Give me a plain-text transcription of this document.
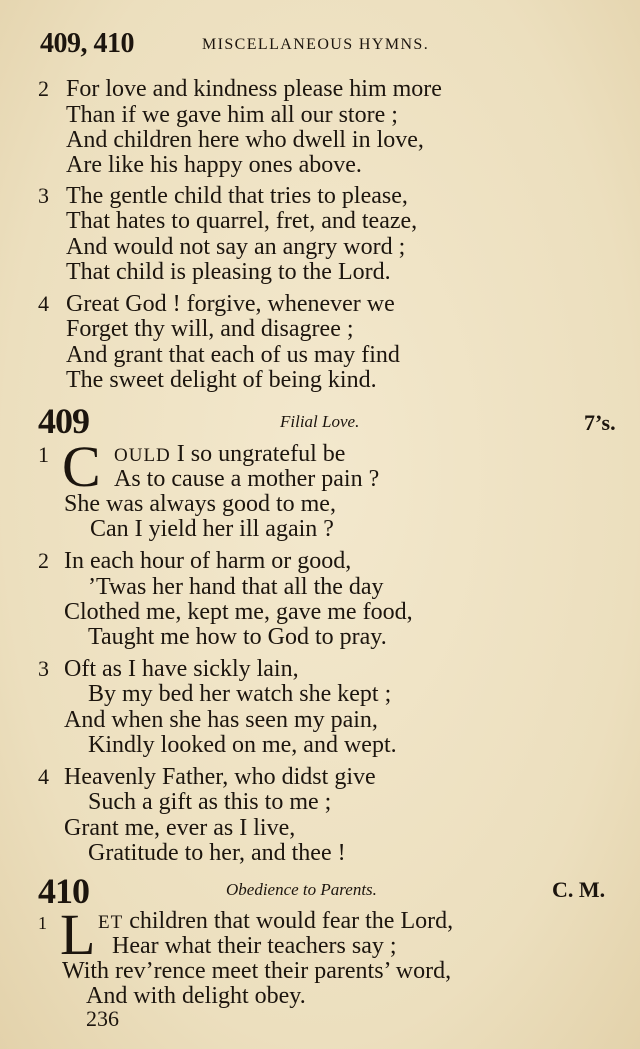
409, 410	MISCELLANEOUS HYMNS.
2 For love and kindness please him more
Than if we gave him all our store ;
And children here who dwell in love,
Are like his happy ones above.
3 The gentle child that tries to please,
That hates to quarrel, fret, and teaze,
And would not say an angry word ;
That child is pleasing to the Lord.
4 Great God ! forgive, whenever we
Forget thy will, and disagree ;
And grant that each of us may find
The sweet delight of being kind.
409	Filial Love.	7’s.
1 C OULD I so ungrateful be
As to cause a mother pain ?
She was always good to me,
Can I yield her ill again ?
2 In each hour of harm or good,
’Twas her hand that all the day
Clothed me, kept me, gave me food,
Taught me how to God to pray.
3 Oft as I have sickly lain,
By my bed her watch she kept ;
And when she has seen my pain,
Kindly looked on me, and wept.
4 Heavenly Father, who didst give
Such a gift as this to me ;
Grant me, ever as I live,
Gratitude to her, and thee !
410	Obedience to Parents.	C. M.
1 L ET children that would fear the Lord,
Hear what their teachers say ;
With rev’rence meet their parents’ word,
And with delight obey.
236
